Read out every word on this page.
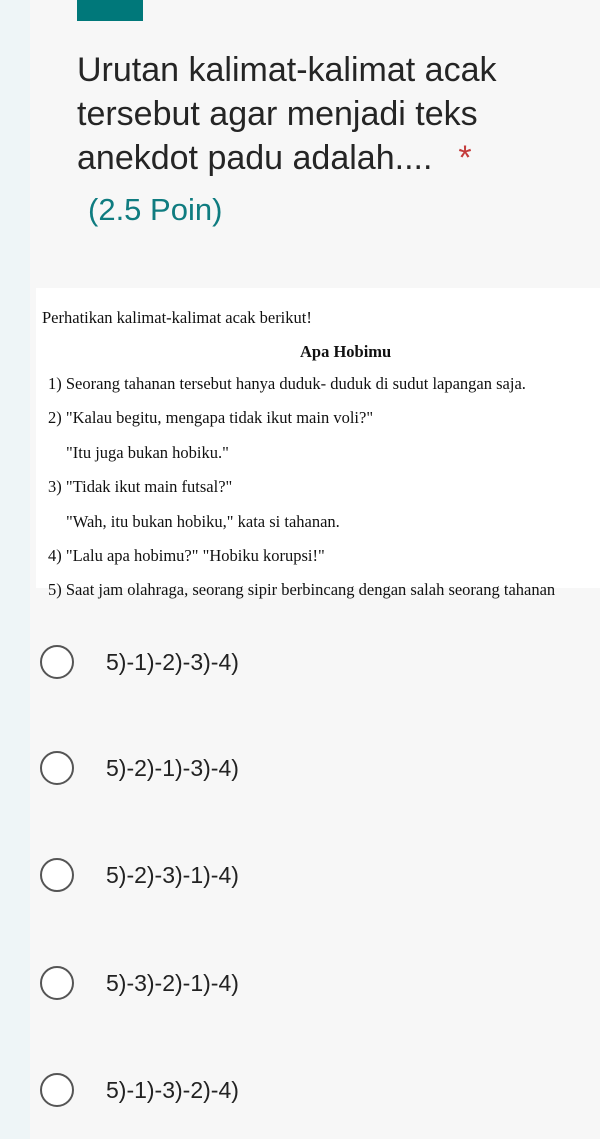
Urutan kalimat-kalimat acak tersebut agar menjadi teks anekdot padu adalah.... *
(2.5 Poin)
Perhatikan kalimat-kalimat acak berikut!
Apa Hobimu
1) Seorang tahanan tersebut hanya duduk- duduk di sudut lapangan saja.
2) "Kalau begitu, mengapa tidak ikut main voli?"
"Itu juga bukan hobiku."
3) "Tidak ikut main futsal?"
"Wah, itu bukan hobiku," kata si tahanan.
4) "Lalu apa hobimu?" "Hobiku korupsi!"
5) Saat jam olahraga, seorang sipir berbincang dengan salah seorang tahanan
5)-1)-2)-3)-4)
5)-2)-1)-3)-4)
5)-2)-3)-1)-4)
5)-3)-2)-1)-4)
5)-1)-3)-2)-4)
